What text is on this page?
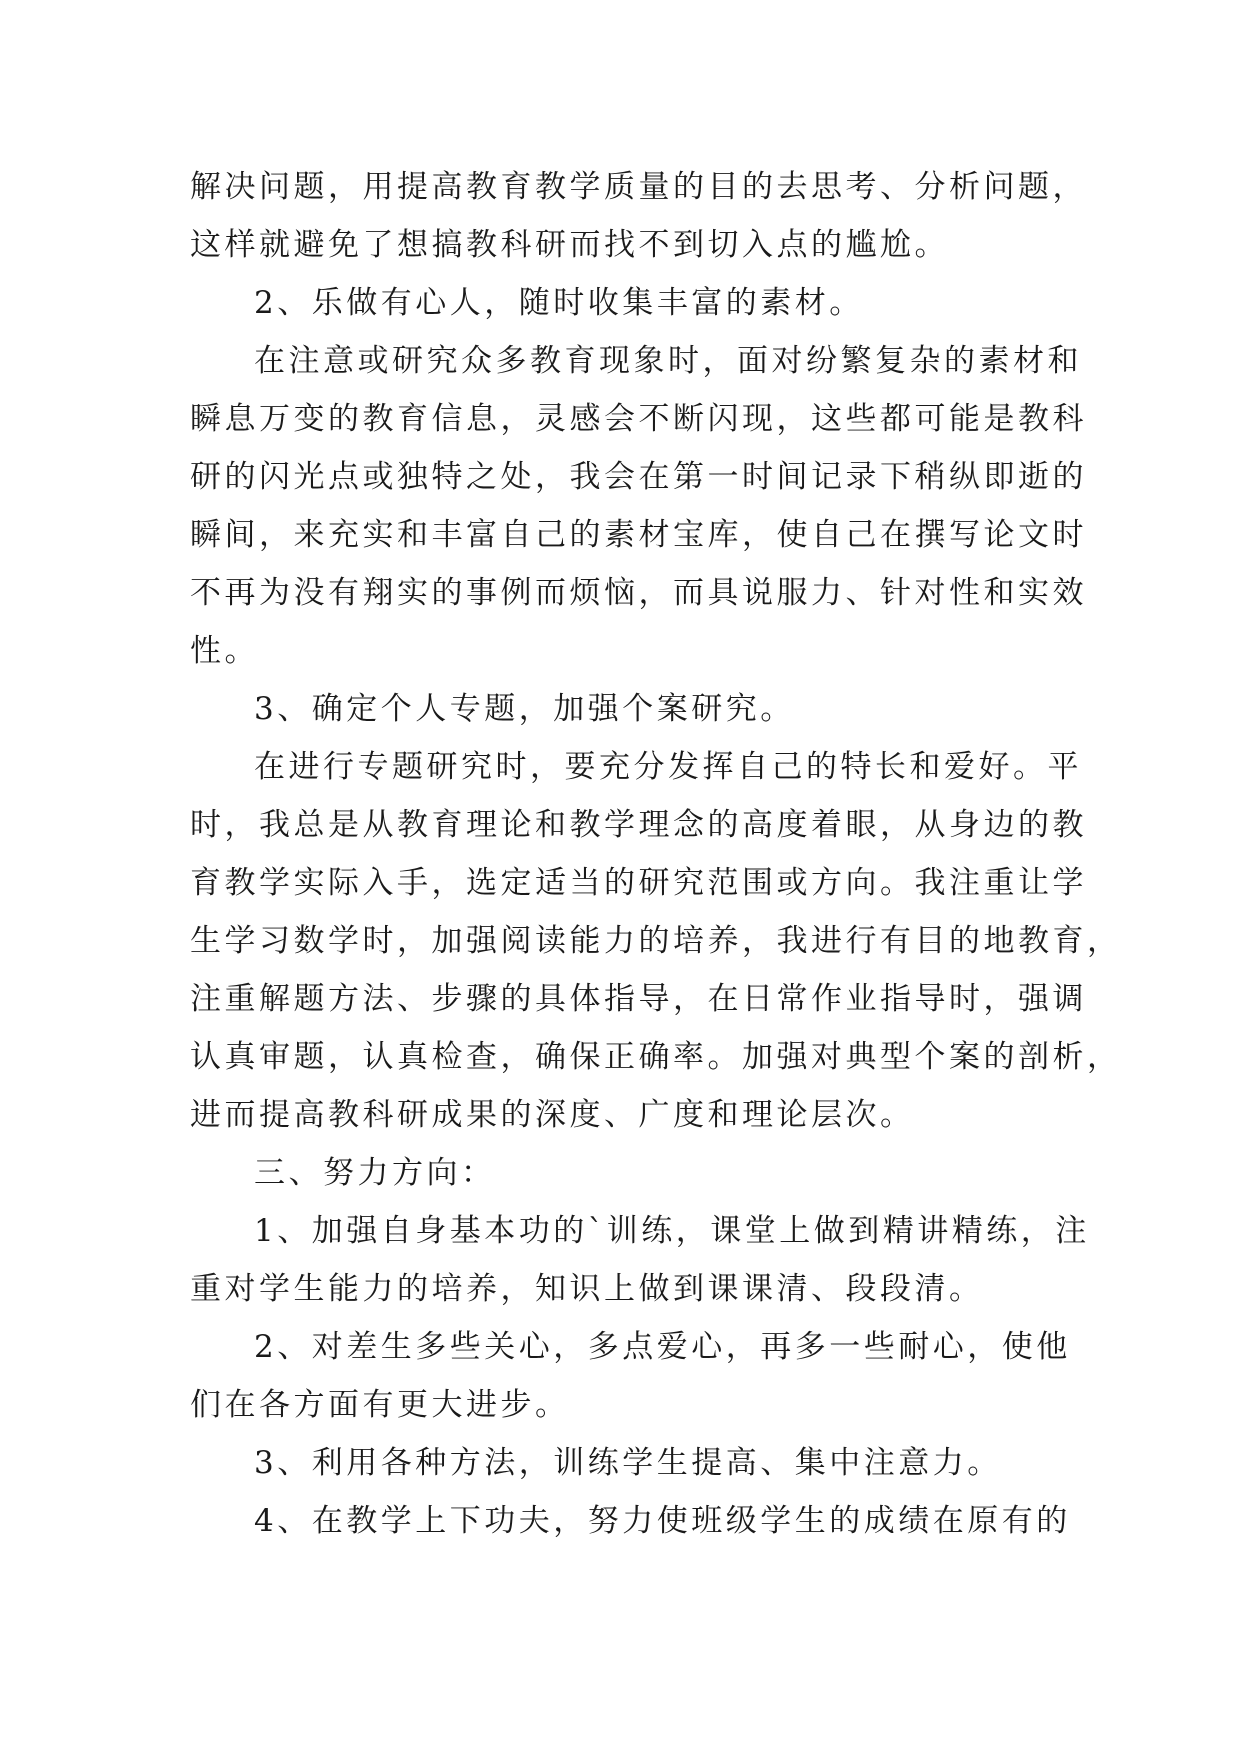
解决问题，用提高教育教学质量的目的去思考、分析问题，
这样就避免了想搞教科研而找不到切入点的尴尬。
2、乐做有心人，随时收集丰富的素材。
在注意或研究众多教育现象时，面对纷繁复杂的素材和
瞬息万变的教育信息，灵感会不断闪现，这些都可能是教科
研的闪光点或独特之处，我会在第一时间记录下稍纵即逝的
瞬间，来充实和丰富自己的素材宝库，使自己在撰写论文时
不再为没有翔实的事例而烦恼，而具说服力、针对性和实效
性。
3、确定个人专题，加强个案研究。
在进行专题研究时，要充分发挥自己的特长和爱好。平
时，我总是从教育理论和教学理念的高度着眼，从身边的教
育教学实际入手，选定适当的研究范围或方向。我注重让学
生学习数学时，加强阅读能力的培养，我进行有目的地教育，
注重解题方法、步骤的具体指导，在日常作业指导时，强调
认真审题，认真检查，确保正确率。加强对典型个案的剖析，
进而提高教科研成果的深度、广度和理论层次。
三、努力方向：
1、加强自身基本功的`训练，课堂上做到精讲精练，注
重对学生能力的培养，知识上做到课课清、段段清。
2、对差生多些关心，多点爱心，再多一些耐心，使他
们在各方面有更大进步。
3、利用各种方法，训练学生提高、集中注意力。
4、在教学上下功夫，努力使班级学生的成绩在原有的
